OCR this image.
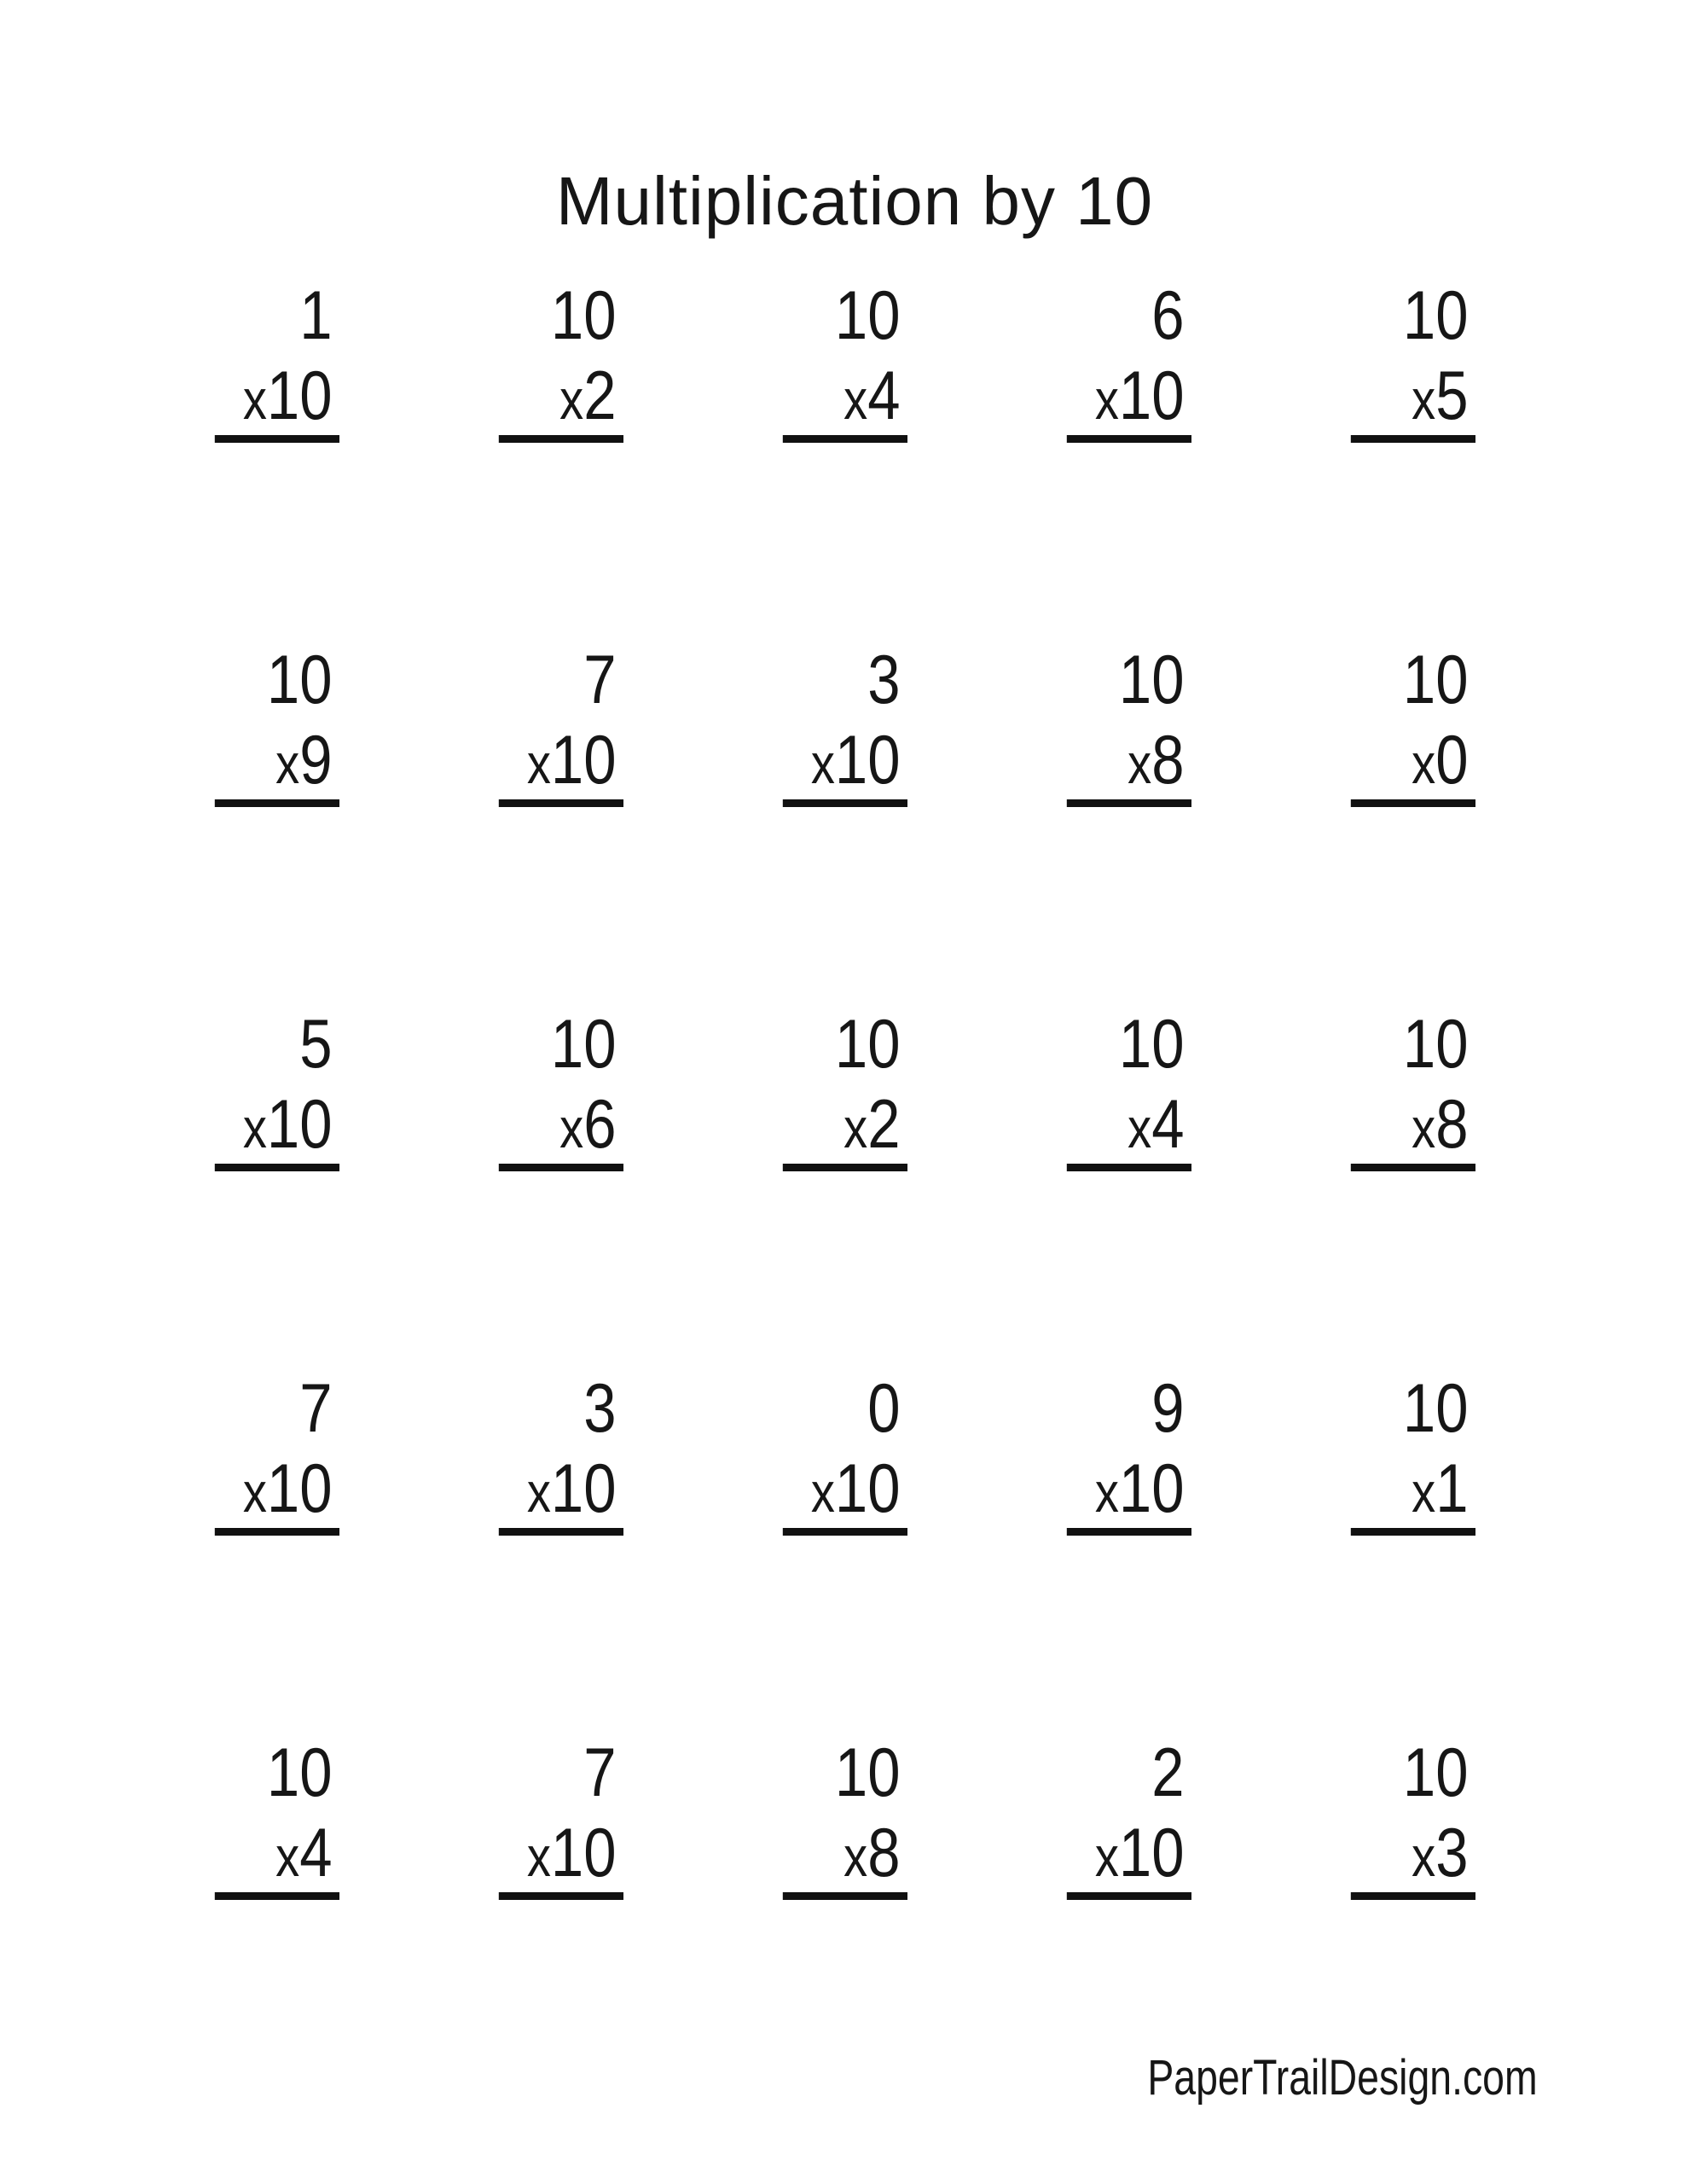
Multiplication by 10
1
x10
10
x2
10
x4
6
x10
10
x5
10
x9
7
x10
3
x10
10
x8
10
x0
5
x10
10
x6
10
x2
10
x4
10
x8
7
x10
3
x10
0
x10
9
x10
10
x1
10
x4
7
x10
10
x8
2
x10
10
x3
PaperTrailDesign.com
